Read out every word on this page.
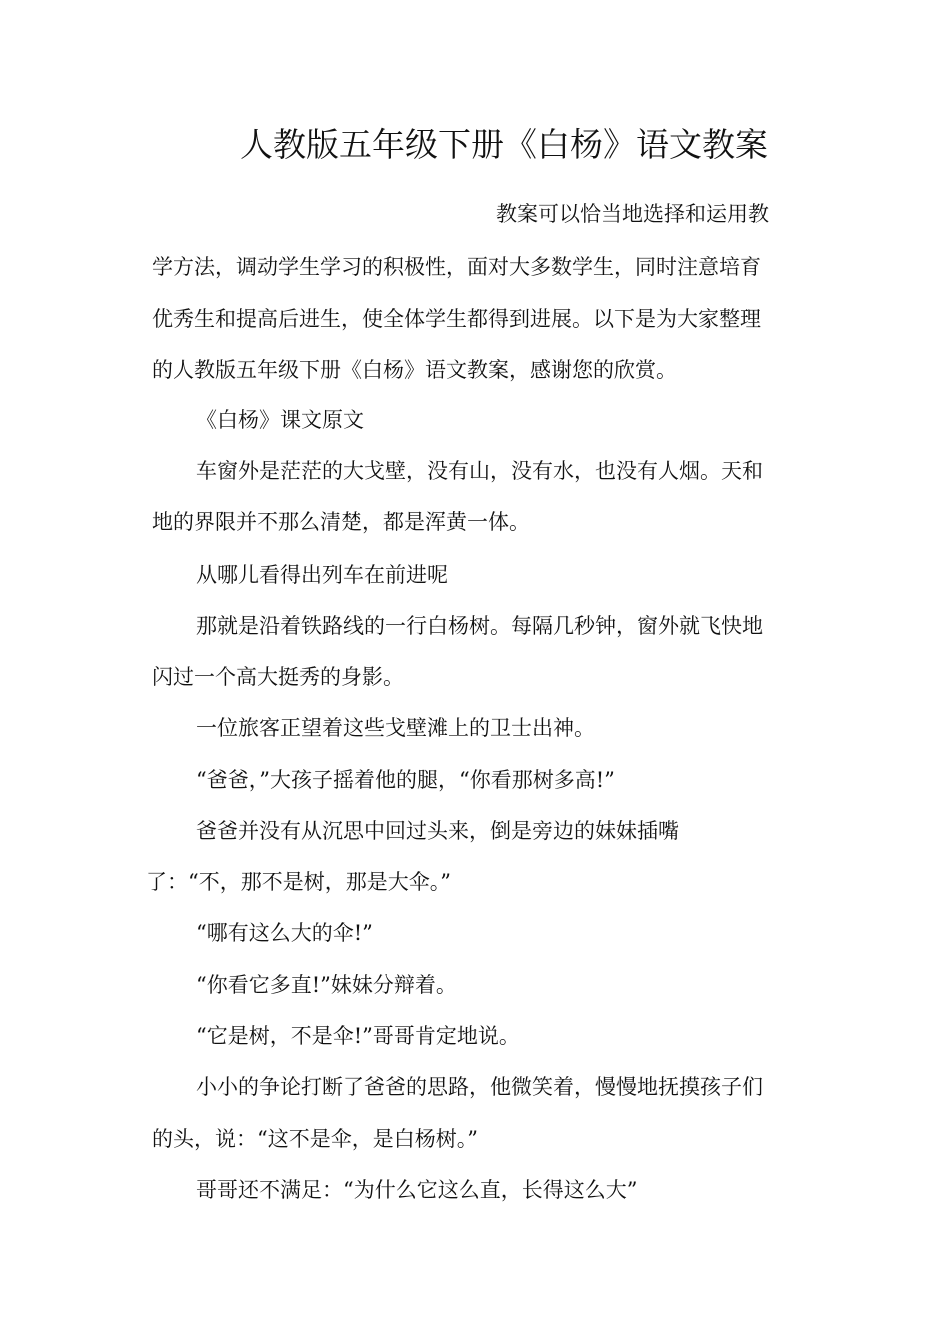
人教版五年级下册《白杨》语文教案

教案可以恰当地选择和运用教

学方法，调动学生学习的积极性，面对大多数学生，同时注意培育

优秀生和提高后进生，使全体学生都得到进展。以下是为大家整理

的人教版五年级下册《白杨》语文教案，感谢您的欣赏。

《白杨》课文原文

车窗外是茫茫的大戈壁，没有山，没有水，也没有人烟。天和

地的界限并不那么清楚，都是浑黄一体。

从哪儿看得出列车在前进呢

那就是沿着铁路线的一行白杨树。每隔几秒钟，窗外就飞快地

闪过一个高大挺秀的身影。

一位旅客正望着这些戈壁滩上的卫士出神。

“爸爸，”大孩子摇着他的腿，“你看那树多高!”

爸爸并没有从沉思中回过头来，倒是旁边的妹妹插嘴

了：“不，那不是树，那是大伞。”

“哪有这么大的伞!”

“你看它多直!”妹妹分辩着。

“它是树，不是伞!”哥哥肯定地说。

小小的争论打断了爸爸的思路，他微笑着，慢慢地抚摸孩子们

的头，说：“这不是伞，是白杨树。”

哥哥还不满足：“为什么它这么直，长得这么大”
